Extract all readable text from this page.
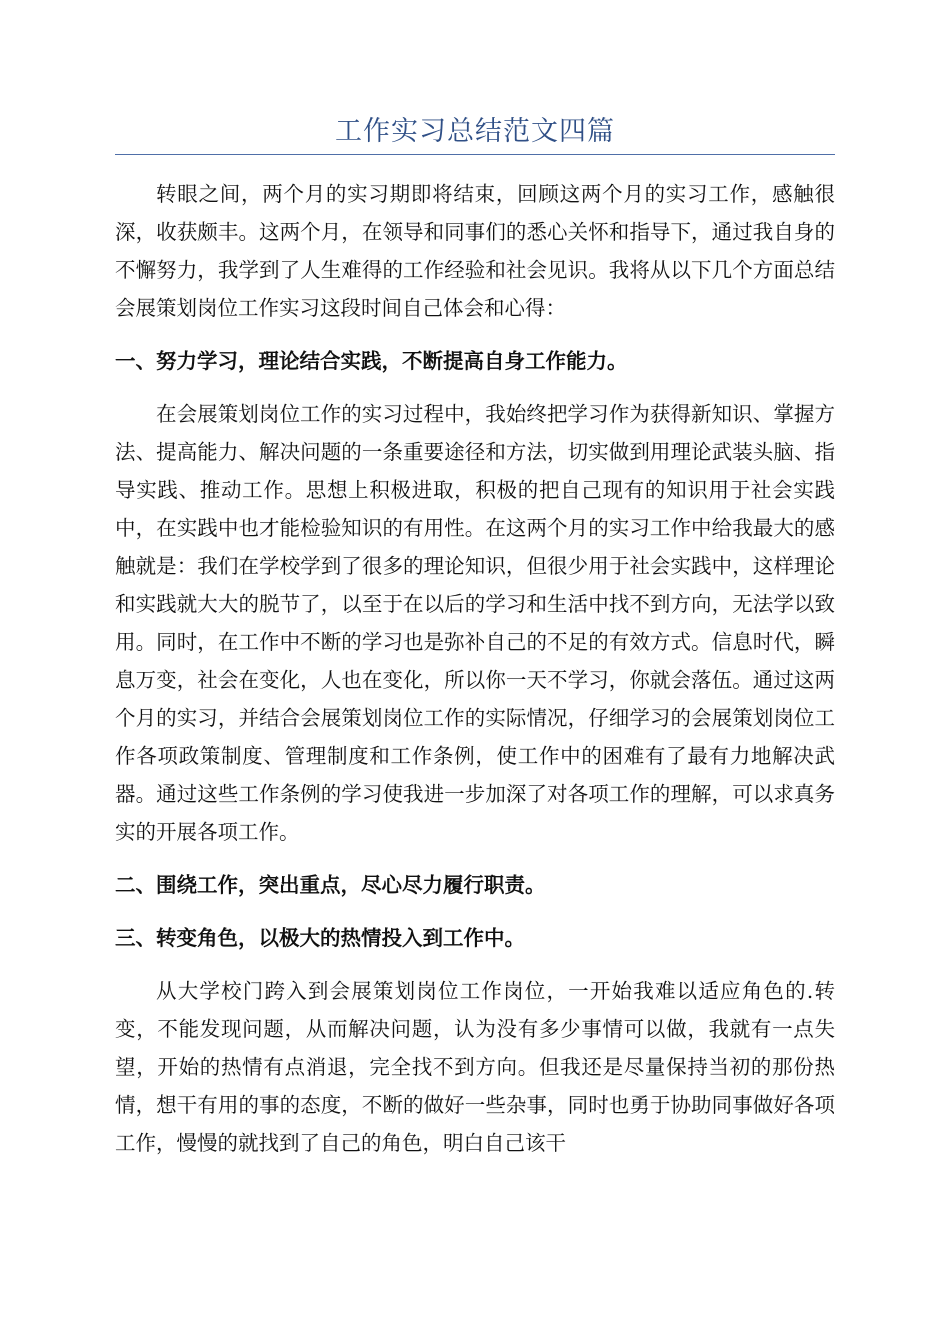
工作实习总结范文四篇

转眼之间，两个月的实习期即将结束，回顾这两个月的实习工作，感触很深，收获颇丰。这两个月，在领导和同事们的悉心关怀和指导下，通过我自身的不懈努力，我学到了人生难得的工作经验和社会见识。我将从以下几个方面总结会展策划岗位工作实习这段时间自己体会和心得：

一、努力学习，理论结合实践，不断提高自身工作能力。

在会展策划岗位工作的实习过程中，我始终把学习作为获得新知识、掌握方法、提高能力、解决问题的一条重要途径和方法，切实做到用理论武装头脑、指导实践、推动工作。思想上积极进取，积极的把自己现有的知识用于社会实践中，在实践中也才能检验知识的有用性。在这两个月的实习工作中给我最大的感触就是：我们在学校学到了很多的理论知识，但很少用于社会实践中，这样理论和实践就大大的脱节了，以至于在以后的学习和生活中找不到方向，无法学以致用。同时，在工作中不断的学习也是弥补自己的不足的有效方式。信息时代，瞬息万变，社会在变化，人也在变化，所以你一天不学习，你就会落伍。通过这两个月的实习，并结合会展策划岗位工作的实际情况，仔细学习的会展策划岗位工作各项政策制度、管理制度和工作条例，使工作中的困难有了最有力地解决武器。通过这些工作条例的学习使我进一步加深了对各项工作的理解，可以求真务实的开展各项工作。

二、围绕工作，突出重点，尽心尽力履行职责。

三、转变角色，以极大的热情投入到工作中。

从大学校门跨入到会展策划岗位工作岗位，一开始我难以适应角色的.转变，不能发现问题，从而解决问题，认为没有多少事情可以做，我就有一点失望，开始的热情有点消退，完全找不到方向。但我还是尽量保持当初的那份热情，想干有用的事的态度，不断的做好一些杂事，同时也勇于协助同事做好各项工作，慢慢的就找到了自己的角色，明白自己该干
